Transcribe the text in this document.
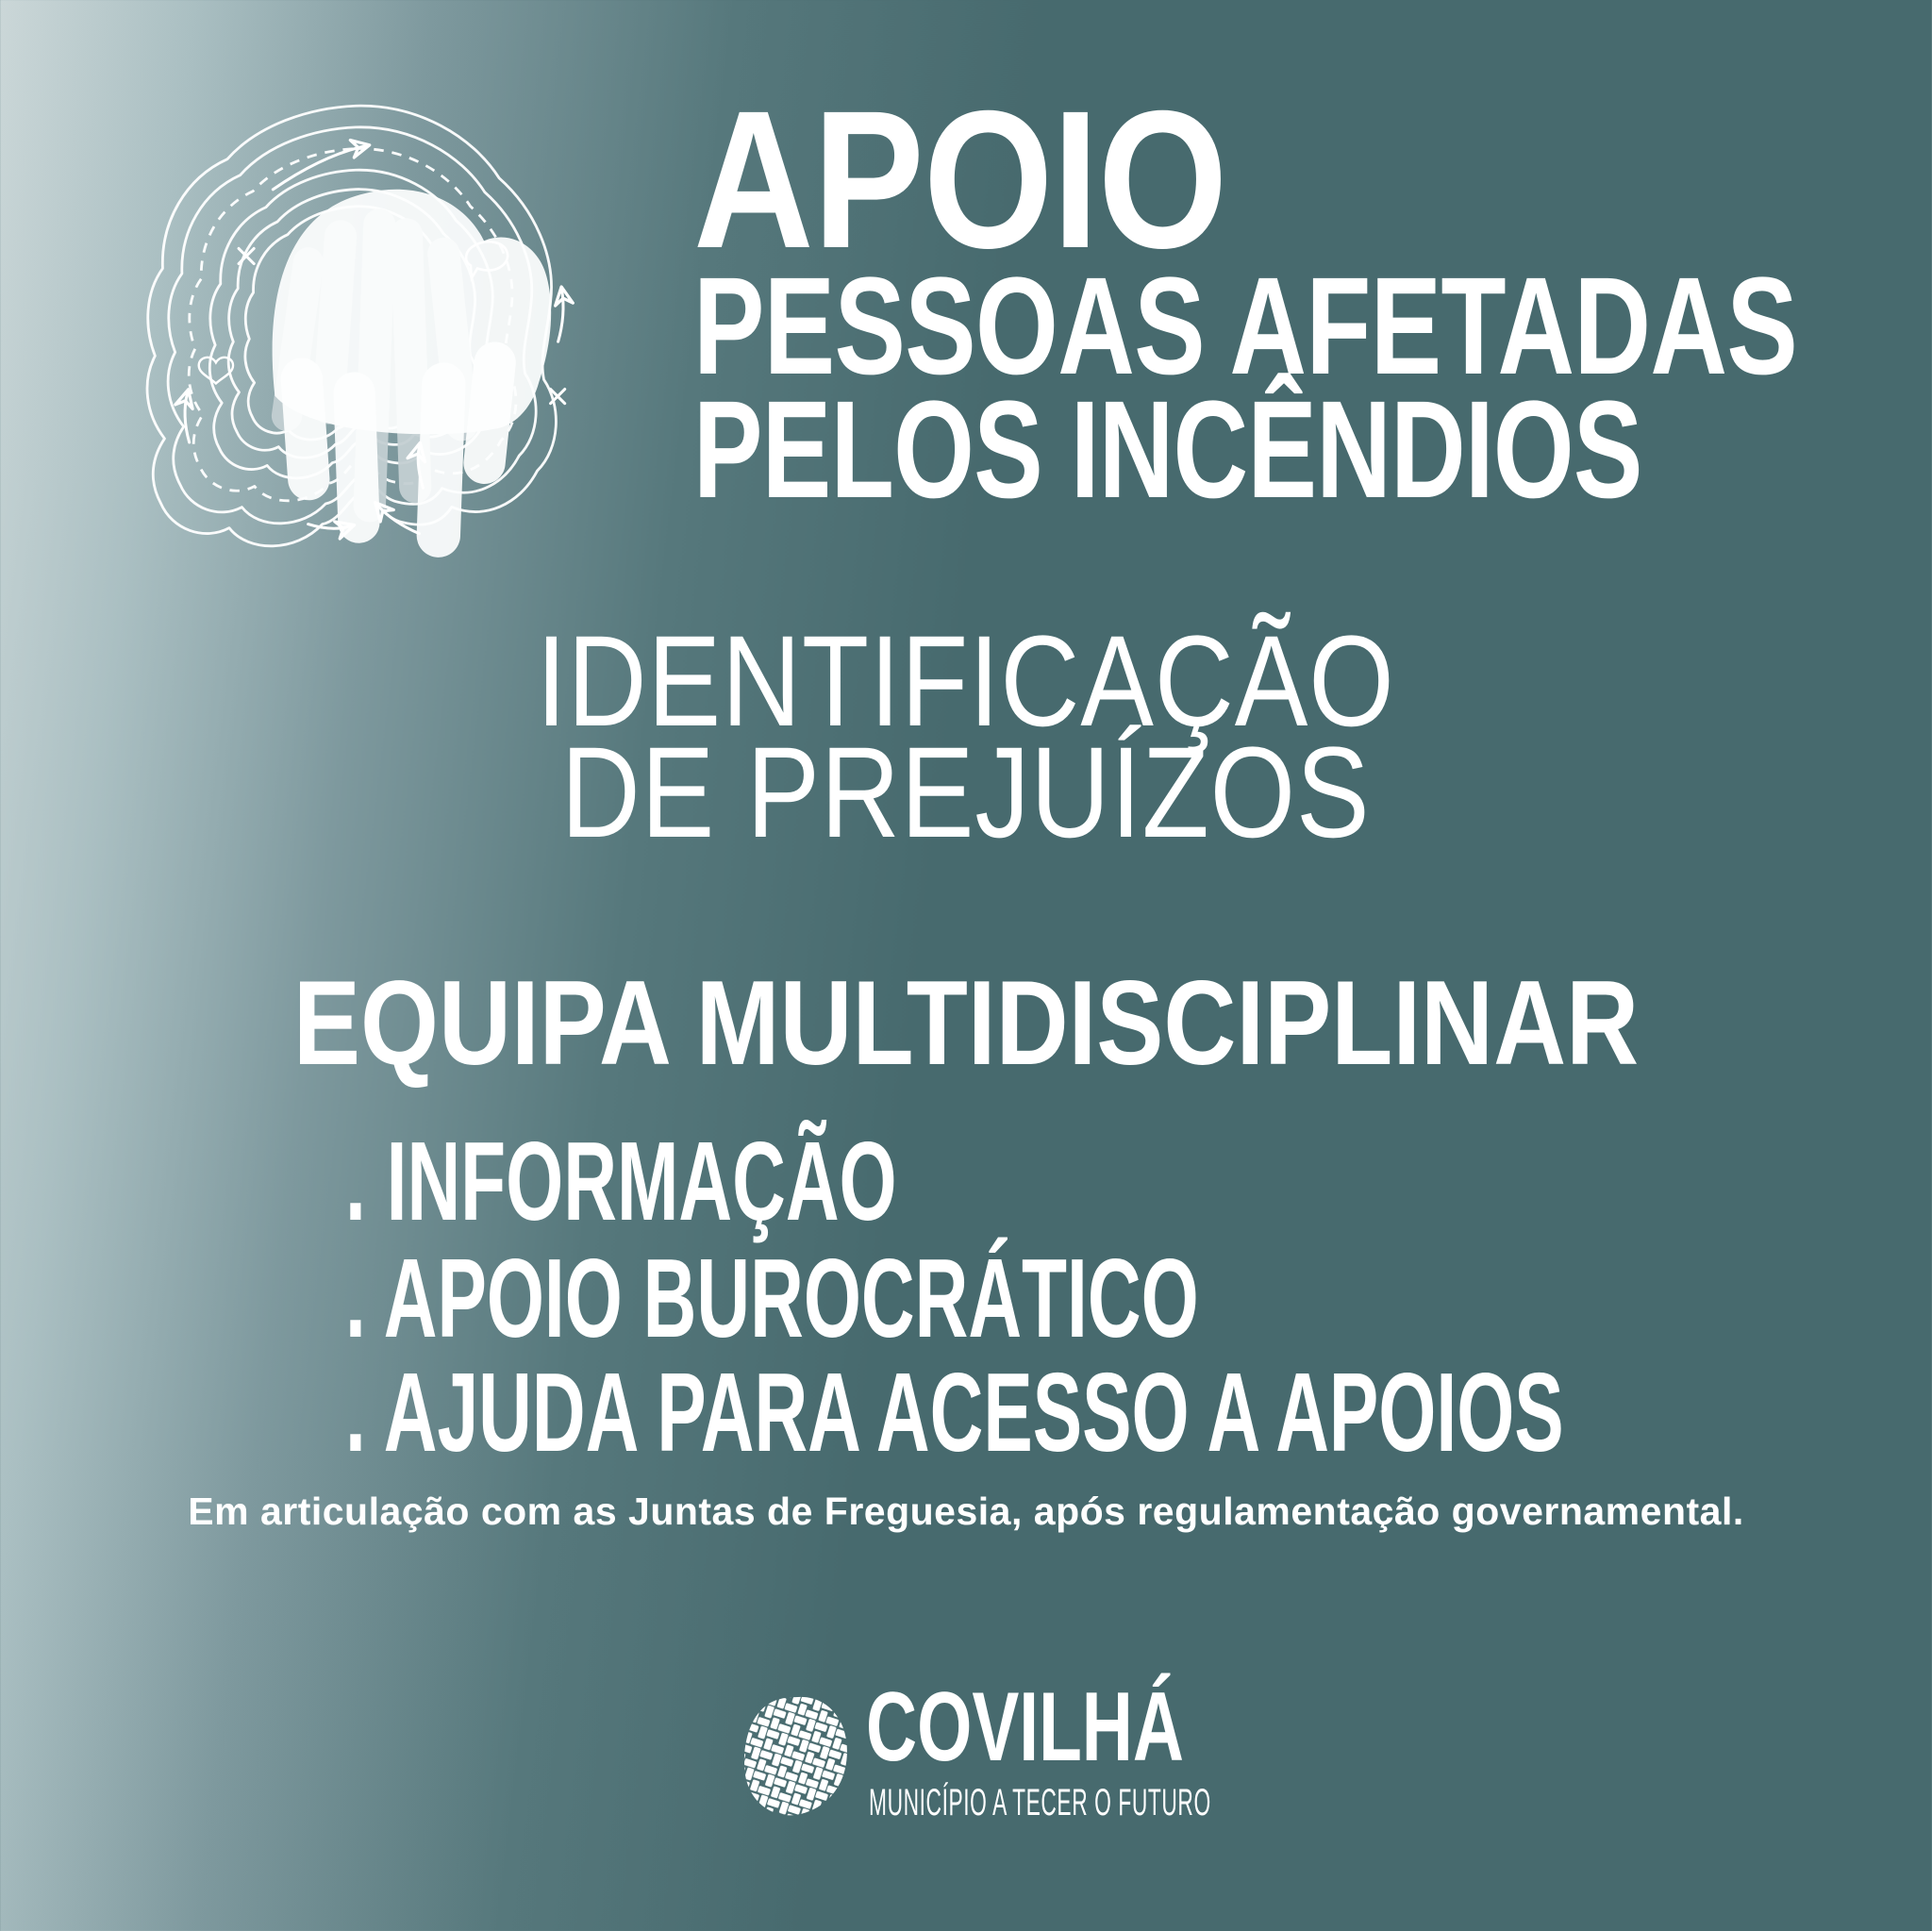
APOIO
PESSOAS AFETADAS
PELOS INCÊNDIOS
IDENTIFICAÇÃO
DE PREJUÍZOS
EQUIPA MULTIDISCIPLINAR
. INFORMAÇÃO
. APOIO BUROCRÁTICO
. AJUDA PARA ACESSO A APOIOS
Em articulação com as Juntas de Freguesia, após regulamentação governamental.
COVILHÁ
MUNICÍPIO A TECER O FUTURO
